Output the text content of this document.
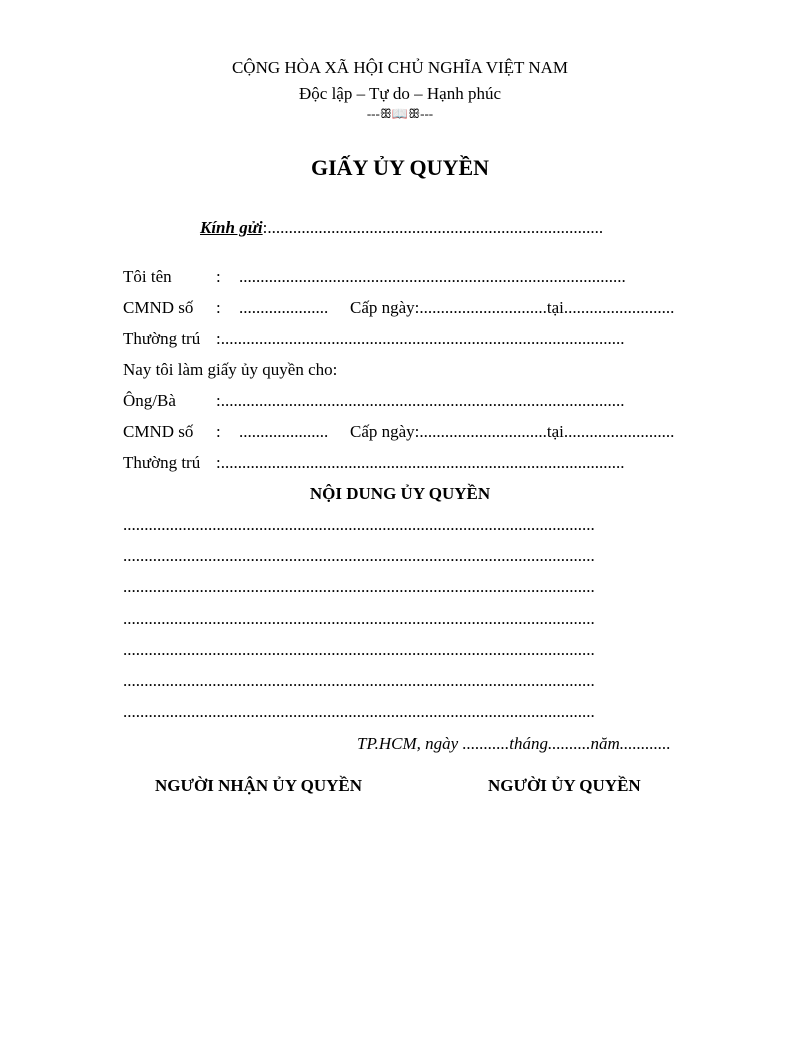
CỘNG HÒA XÃ HỘI CHỦ NGHĨA VIỆT NAM
Độc lập – Tự do – Hạnh phúc
---ꕥ📖ꕥ---
GIẤY ỦY QUYỀN
Kính gửi:...............................................................................
Tôi tên	: ...........................................................................................
CMND số : ..................... Cấp ngày:..............................tại..........................
Thường trú :...............................................................................................
Nay tôi làm giấy ủy quyền cho:
Ông/Bà :...............................................................................................
CMND số : ..................... Cấp ngày:..............................tại..........................
Thường trú :...............................................................................................
NỘI DUNG ỦY QUYỀN
...............................................................................................................
...............................................................................................................
...............................................................................................................
...............................................................................................................
...............................................................................................................
...............................................................................................................
...............................................................................................................
TP.HCM, ngày ...........tháng..........năm............
NGƯỜI NHẬN ỦY QUYỀN	NGƯỜI ỦY QUYỀN
